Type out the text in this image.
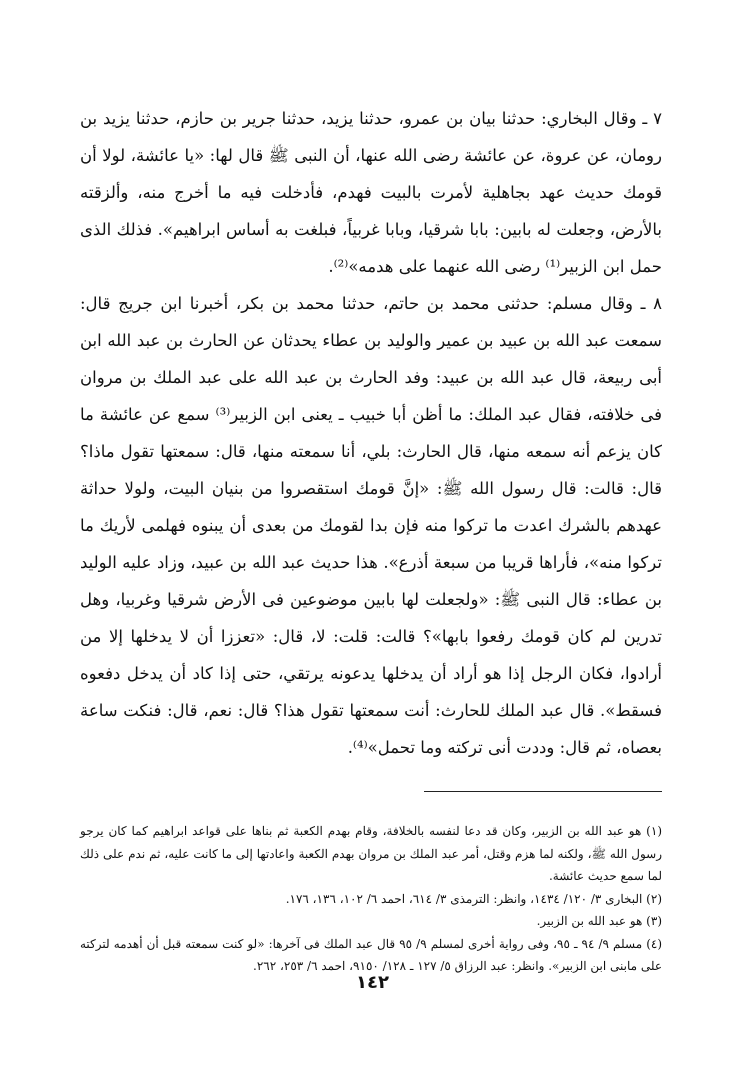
٧ ـ وقال البخاري: حدثنا بيان بن عمرو، حدثنا يزيد، حدثنا جرير بن حازم، حدثنا يزيد بن رومان، عن عروة، عن عائشة رضى الله عنها، أن النبى ﷺ قال لها: «يا عائشة، لولا أن قومك حديث عهد بجاهلية لأمرت بالبيت فهدم، فأدخلت فيه ما أخرج منه، وألزقته بالأرض، وجعلت له بابين: بابا شرقيا، وبابا غربياً، فبلغت به أساس ابراهيم». فذلك الذى حمل ابن الزبير⁽¹⁾ رضى الله عنهما على هدمه»⁽²⁾.

٨ ـ وقال مسلم: حدثنى محمد بن حاتم، حدثنا محمد بن بكر، أخبرنا ابن جريج قال: سمعت عبد الله بن عبيد بن عمير والوليد بن عطاء يحدثان عن الحارث بن عبد الله ابن أبى ربيعة، قال عبد الله بن عبيد: وفد الحارث بن عبد الله على عبد الملك بن مروان فى خلافته، فقال عبد الملك: ما أظن أبا خبيب ـ يعنى ابن الزبير⁽³⁾ سمع عن عائشة ما كان يزعم أنه سمعه منها، قال الحارث: بلي، أنا سمعته منها، قال: سمعتها تقول ماذا؟ قال: قالت: قال رسول الله ﷺ: «إنَّ قومك استقصروا من بنيان البيت، ولولا حداثة عهدهم بالشرك اعدت ما تركوا منه فإن بدا لقومك من بعدى أن يبنوه فهلمى لأريك ما تركوا منه»، فأراها قريبا من سبعة أذرع». هذا حديث عبد الله بن عبيد، وزاد عليه الوليد بن عطاء: قال النبى ﷺ: «ولجعلت لها بابين موضوعين فى الأرض شرقيا وغربيا، وهل تدرين لم كان قومك رفعوا بابها»؟ قالت: قلت: لا، قال: «تعززا أن لا يدخلها إلا من أرادوا، فكان الرجل إذا هو أراد أن يدخلها يدعونه يرتقي، حتى إذا كاد أن يدخل دفعوه فسقط». قال عبد الملك للحارث: أنت سمعتها تقول هذا؟ قال: نعم، قال: فنكت ساعة بعصاه، ثم قال: وددت أنى تركته وما تحمل»⁽⁴⁾.

(١) هو عبد الله بن الزبير، وكان قد دعا لنفسه بالخلافة، وقام بهدم الكعبة ثم بناها على قواعد ابراهيم كما كان يرجو رسول الله ﷺ، ولكنه لما هزم وقتل، أمر عبد الملك بن مروان بهدم الكعبة واعادتها إلى ما كانت عليه، ثم ندم على ذلك لما سمع حديث عائشة.

(٢) البخارى ٣/ ١٢٠/ ١٤٣٤، وانظر: الترمذى ٣/ ٦١٤، احمد ٦/ ١٠٢، ١٣٦، ١٧٦.

(٣) هو عبد الله بن الزبير.

(٤) مسلم ٩/ ٩٤ ـ ٩٥، وفى رواية أخرى لمسلم ٩/ ٩٥ قال عبد الملك فى آخرها: «لو كنت سمعته قبل أن أهدمه لتركته على مابنى ابن الزبير». وانظر: عبد الرزاق ٥/ ١٢٧ ـ ١٢٨/ ٩١٥٠، احمد ٦/ ٢٥٣، ٢٦٢.

١٤٢
